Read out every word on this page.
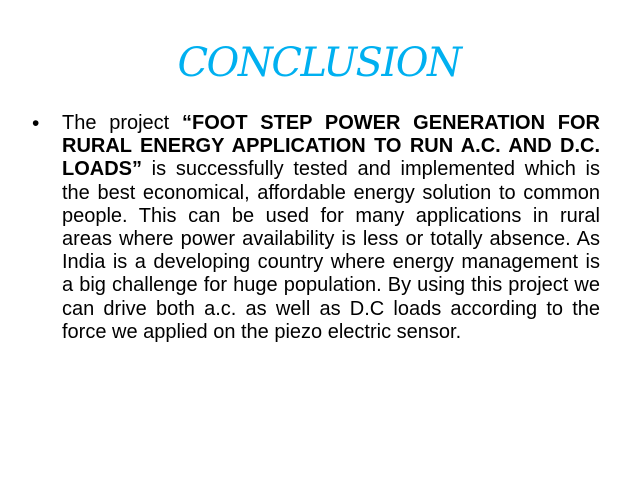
CONCLUSION
•	The project “FOOT STEP POWER GENERATION FOR RURAL ENERGY APPLICATION TO RUN A.C. AND D.C. LOADS” is successfully tested and implemented which is the best economical, affordable energy solution to common people. This can be used for many applications in rural areas where power availability is less or totally absence. As India is a developing country where energy management is a big challenge for huge population. By using this project we can drive both a.c. as well as D.C loads according to the force we applied on the piezo electric sensor.
